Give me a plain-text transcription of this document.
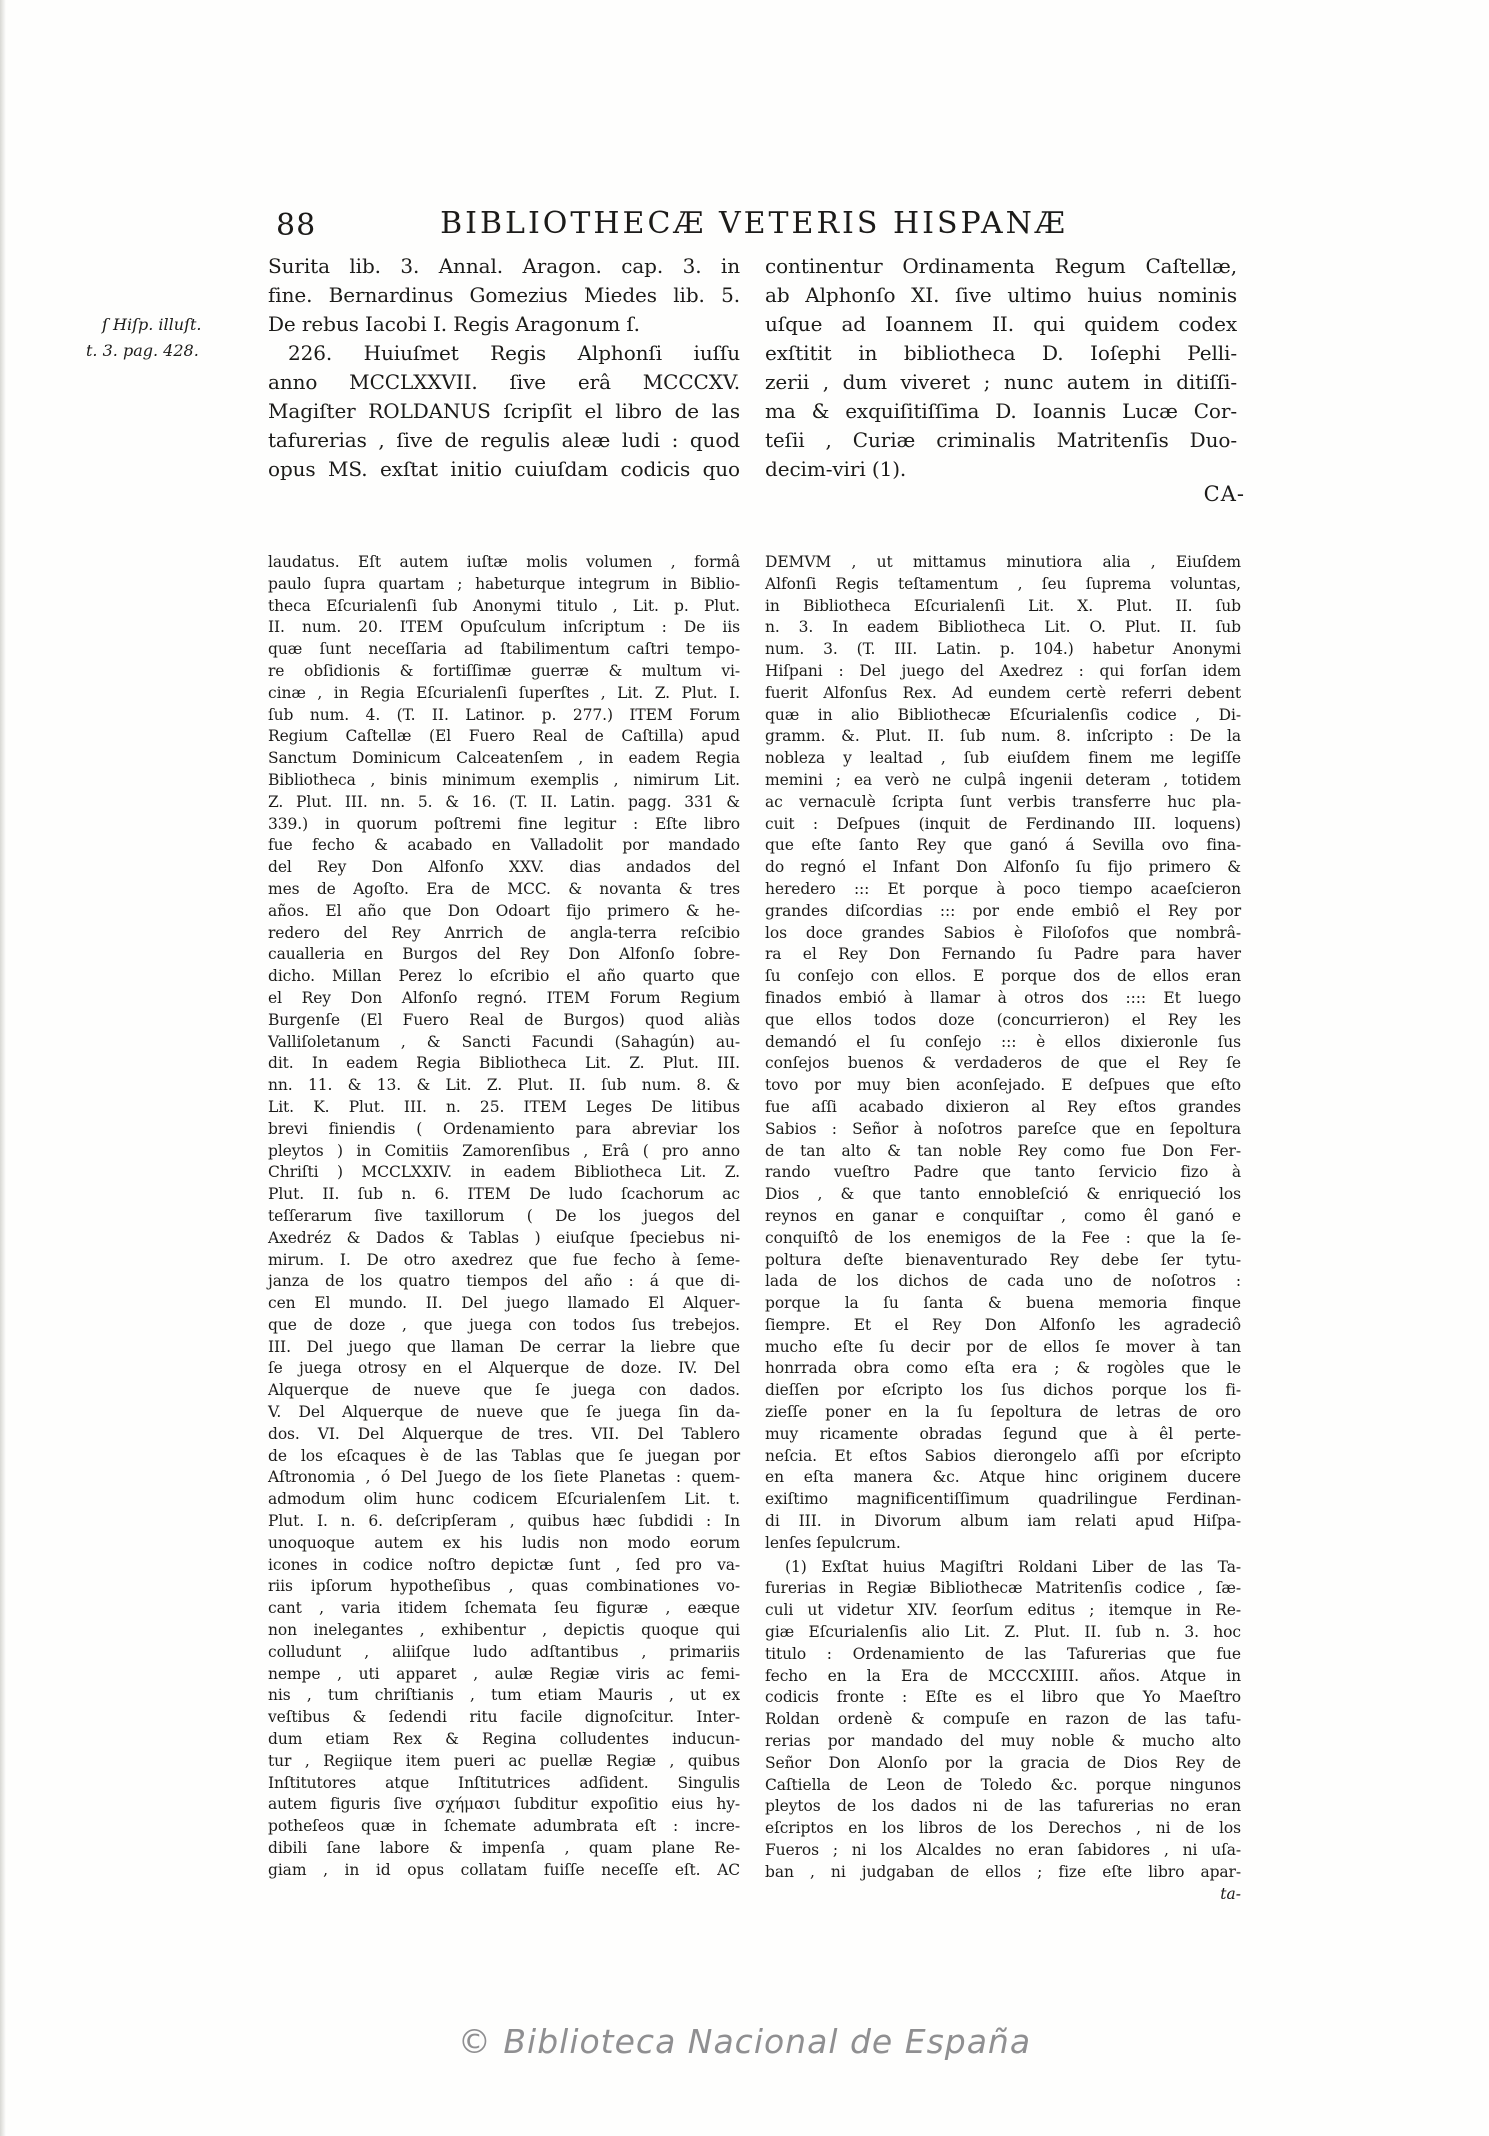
88	BIBLIOTHECÆ VETERIS HISPANÆ
ſ Hiſp. illuſt.
t. 3. pag. 428.
Surita lib. 3. Annal. Aragon. cap. 3. in
fine. Bernardinus Gomezius Miedes lib. 5.
De rebus Iacobi I. Regis Aragonum ſ.
226. Huiuſmet Regis Alphonſi iuſſu
anno MCCLXXVII. ſive erâ MCCCXV.
Magiſter ROLDANUS ſcripſit el libro de las
tafurerias , ſive de regulis aleæ ludi : quod
opus MS. exſtat initio cuiuſdam codicis quo
continentur Ordinamenta Regum Caſtellæ,
ab Alphonſo XI. ſive ultimo huius nominis
uſque ad Ioannem II. qui quidem codex
exſtitit in bibliotheca D. Ioſephi Pelli-
zerii , dum viveret ; nunc autem in ditiſſi-
ma & exquiſitiſſima D. Ioannis Lucæ Cor-
teſii , Curiæ criminalis Matritenſis Duo-
decim-viri (1).
CA-
laudatus. Eſt autem iuſtæ molis volumen , formâ
paulo ſupra quartam ; habeturque integrum in Biblio-
theca Eſcurialenſi ſub Anonymi titulo , Lit. p. Plut.
II. num. 20. ITEM Opuſculum inſcriptum : De iis
quæ ſunt neceſſaria ad ſtabilimentum caſtri tempo-
re obſidionis & fortiſſimæ guerræ & multum vi-
cinæ , in Regia Eſcurialenſi ſuperſtes , Lit. Z. Plut. I.
ſub num. 4. (T. II. Latinor. p. 277.) ITEM Forum
Regium Caſtellæ (El Fuero Real de Caſtilla) apud
Sanctum Dominicum Calceatenſem , in eadem Regia
Bibliotheca , binis minimum exemplis , nimirum Lit.
Z. Plut. III. nn. 5. & 16. (T. II. Latin. pagg. 331 &
339.) in quorum poſtremi fine legitur : Eſte libro
fue fecho & acabado en Valladolit por mandado
del Rey Don Alfonſo XXV. dias andados del
mes de Agoſto. Era de MCC. & novanta & tres
años. El año que Don Odoart fijo primero & he-
redero del Rey Anrrich de angla-terra reſcibio
caualleria en Burgos del Rey Don Alfonſo ſobre-
dicho. Millan Perez lo eſcribio el año quarto que
el Rey Don Alfonſo regnó. ITEM Forum Regium
Burgenſe (El Fuero Real de Burgos) quod aliàs
Valliſoletanum , & Sancti Facundi (Sahagún) au-
dit. In eadem Regia Bibliotheca Lit. Z. Plut. III.
nn. 11. & 13. & Lit. Z. Plut. II. ſub num. 8. &
Lit. K. Plut. III. n. 25. ITEM Leges De litibus
brevi finiendis ( Ordenamiento para abreviar los
pleytos ) in Comitiis Zamorenſibus , Erâ ( pro anno
Chriſti ) MCCLXXIV. in eadem Bibliotheca Lit. Z.
Plut. II. ſub n. 6. ITEM De ludo ſcachorum ac
teſſerarum ſive taxillorum ( De los juegos del
Axedréz & Dados & Tablas ) eiuſque ſpeciebus ni-
mirum. I. De otro axedrez que fue fecho à ſeme-
janza de los quatro tiempos del año : á que di-
cen El mundo. II. Del juego llamado El Alquer-
que de doze , que juega con todos ſus trebejos.
III. Del juego que llaman De cerrar la liebre que
ſe juega otrosy en el Alquerque de doze. IV. Del
Alquerque de nueve que ſe juega con dados.
V. Del Alquerque de nueve que ſe juega ſin da-
dos. VI. Del Alquerque de tres. VII. Del Tablero
de los eſcaques è de las Tablas que ſe juegan por
Aſtronomia , ó Del Juego de los ſiete Planetas : quem-
admodum olim hunc codicem Eſcurialenſem Lit. t.
Plut. I. n. 6. deſcripſeram , quibus hæc ſubdidi : In
unoquoque autem ex his ludis non modo eorum
icones in codice noſtro depictæ ſunt , ſed pro va-
riis ipſorum hypotheſibus , quas combinationes vo-
cant , varia itidem ſchemata ſeu figuræ , eæque
non inelegantes , exhibentur , depictis quoque qui
colludunt , aliiſque ludo adſtantibus , primariis
nempe , uti apparet , aulæ Regiæ viris ac femi-
nis , tum chriſtianis , tum etiam Mauris , ut ex
veſtibus & ſedendi ritu facile dignoſcitur. Inter-
dum etiam Rex & Regina colludentes inducun-
tur , Regiique item pueri ac puellæ Regiæ , quibus
Inſtitutores atque Inſtitutrices adſident. Singulis
autem figuris ſive σχήμασι ſubditur expoſitio eius hy-
potheſeos quæ in ſchemate adumbrata eſt : incre-
dibili ſane labore & impenſa , quam plane Re-
giam , in id opus collatam fuiſſe neceſſe eſt. AC
DEMVM , ut mittamus minutiora alia , Eiuſdem
Alfonſi Regis teſtamentum , ſeu ſuprema voluntas,
in Bibliotheca Eſcurialenſi Lit. X. Plut. II. ſub
n. 3. In eadem Bibliotheca Lit. O. Plut. II. ſub
num. 3. (T. III. Latin. p. 104.) habetur Anonymi
Hiſpani : Del juego del Axedrez : qui forſan idem
fuerit Alfonſus Rex. Ad eundem certè referri debent
quæ in alio Bibliothecæ Eſcurialenſis codice , Di-
gramm. &. Plut. II. ſub num. 8. inſcripto : De la
nobleza y lealtad , ſub eiuſdem finem me legiſſe
memini ; ea verò ne culpâ ingenii deteram , totidem
ac vernaculè ſcripta ſunt verbis transferre huc pla-
cuit : Deſpues (inquit de Ferdinando III. loquens)
que eſte ſanto Rey que ganó á Sevilla ovo fina-
do regnó el Infant Don Alfonſo ſu fijo primero &
heredero ::: Et porque à poco tiempo acaeſcieron
grandes diſcordias ::: por ende embiô el Rey por
los doce grandes Sabios è Filoſofos que nombrâ-
ra el Rey Don Fernando ſu Padre para haver
ſu conſejo con ellos. E porque dos de ellos eran
finados embió à llamar à otros dos :::: Et luego
que ellos todos doze (concurrieron) el Rey les
demandó el ſu conſejo ::: è ellos dixieronle ſus
conſejos buenos & verdaderos de que el Rey ſe
tovo por muy bien aconſejado. E deſpues que eſto
fue aſſi acabado dixieron al Rey eſtos grandes
Sabios : Señor à noſotros pareſce que en ſepoltura
de tan alto & tan noble Rey como fue Don Fer-
rando vueſtro Padre que tanto ſervicio fizo à
Dios , & que tanto ennobleſció & enriqueció los
reynos en ganar e conquiſtar , como êl ganó e
conquiſtô de los enemigos de la Fee : que la ſe-
poltura deſte bienaventurado Rey debe ſer tytu-
lada de los dichos de cada uno de noſotros :
porque la ſu ſanta & buena memoria finque
ſiempre. Et el Rey Don Alfonſo les agradeciô
mucho eſte ſu decir por de ellos ſe mover à tan
honrrada obra como eſta era ; & rogòles que le
dieſſen por eſcripto los ſus dichos porque los fi-
zieſſe poner en la ſu ſepoltura de letras de oro
muy ricamente obradas ſegund que à êl perte-
neſcia. Et eſtos Sabios dierongelo aſſi por eſcripto
en eſta manera &c. Atque hinc originem ducere
exiſtimo magnificentiſſimum quadrilingue Ferdinan-
di III. in Divorum album iam relati apud Hiſpa-
lenſes ſepulcrum.
(1) Exſtat huius Magiſtri Roldani Liber de las Ta-
furerias in Regiæ Bibliothecæ Matritenſis codice , ſæ-
culi ut videtur XIV. ſeorſum editus ; itemque in Re-
giæ Eſcurialenſis alio Lit. Z. Plut. II. ſub n. 3. hoc
titulo : Ordenamiento de las Tafurerias que fue
fecho en la Era de MCCCXIIII. años. Atque in
codicis fronte : Eſte es el libro que Yo Maeſtro
Roldan ordenè & compuſe en razon de las tafu-
rerias por mandado del muy noble & mucho alto
Señor Don Alonſo por la gracia de Dios Rey de
Caſtiella de Leon de Toledo &c. porque ningunos
pleytos de los dados ni de las tafurerias no eran
eſcriptos en los libros de los Derechos , ni de los
Fueros ; ni los Alcaldes no eran ſabidores , ni uſa-
ban , ni judgaban de ellos ; fize eſte libro apar-
ta-
© Biblioteca Nacional de España
